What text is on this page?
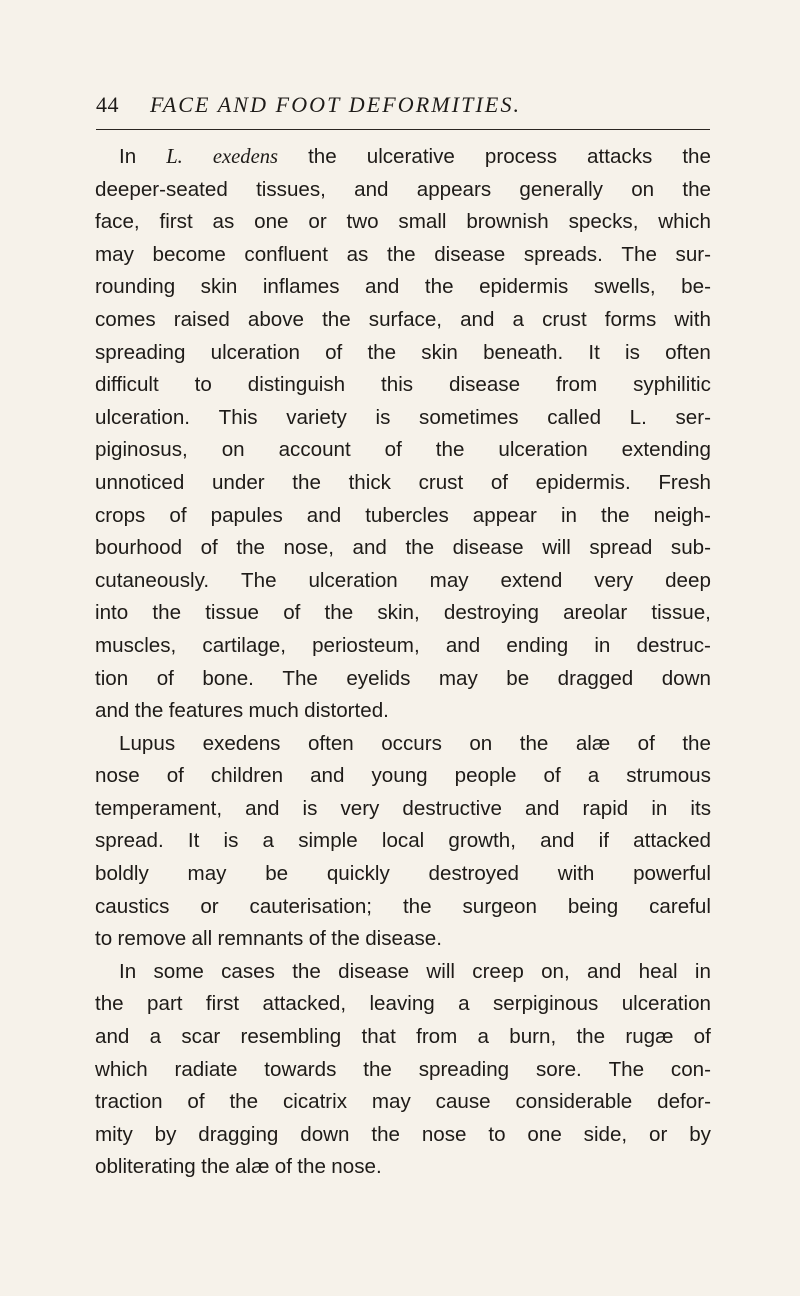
44 FACE AND FOOT DEFORMITIES.
In L. exedens the ulcerative process attacks the
deeper-seated tissues, and appears generally on the
face, first as one or two small brownish specks, which
may become confluent as the disease spreads. The sur-
rounding skin inflames and the epidermis swells, be-
comes raised above the surface, and a crust forms with
spreading ulceration of the skin beneath. It is often
difficult to distinguish this disease from syphilitic
ulceration. This variety is sometimes called L. ser-
piginosus, on account of the ulceration extending
unnoticed under the thick crust of epidermis. Fresh
crops of papules and tubercles appear in the neigh-
bourhood of the nose, and the disease will spread sub-
cutaneously. The ulceration may extend very deep
into the tissue of the skin, destroying areolar tissue,
muscles, cartilage, periosteum, and ending in destruc-
tion of bone. The eyelids may be dragged down
and the features much distorted.
Lupus exedens often occurs on the alæ of the
nose of children and young people of a strumous
temperament, and is very destructive and rapid in its
spread. It is a simple local growth, and if attacked
boldly may be quickly destroyed with powerful
caustics or cauterisation; the surgeon being careful
to remove all remnants of the disease.
In some cases the disease will creep on, and heal in
the part first attacked, leaving a serpiginous ulceration
and a scar resembling that from a burn, the rugæ of
which radiate towards the spreading sore. The con-
traction of the cicatrix may cause considerable defor-
mity by dragging down the nose to one side, or by
obliterating the alæ of the nose.
